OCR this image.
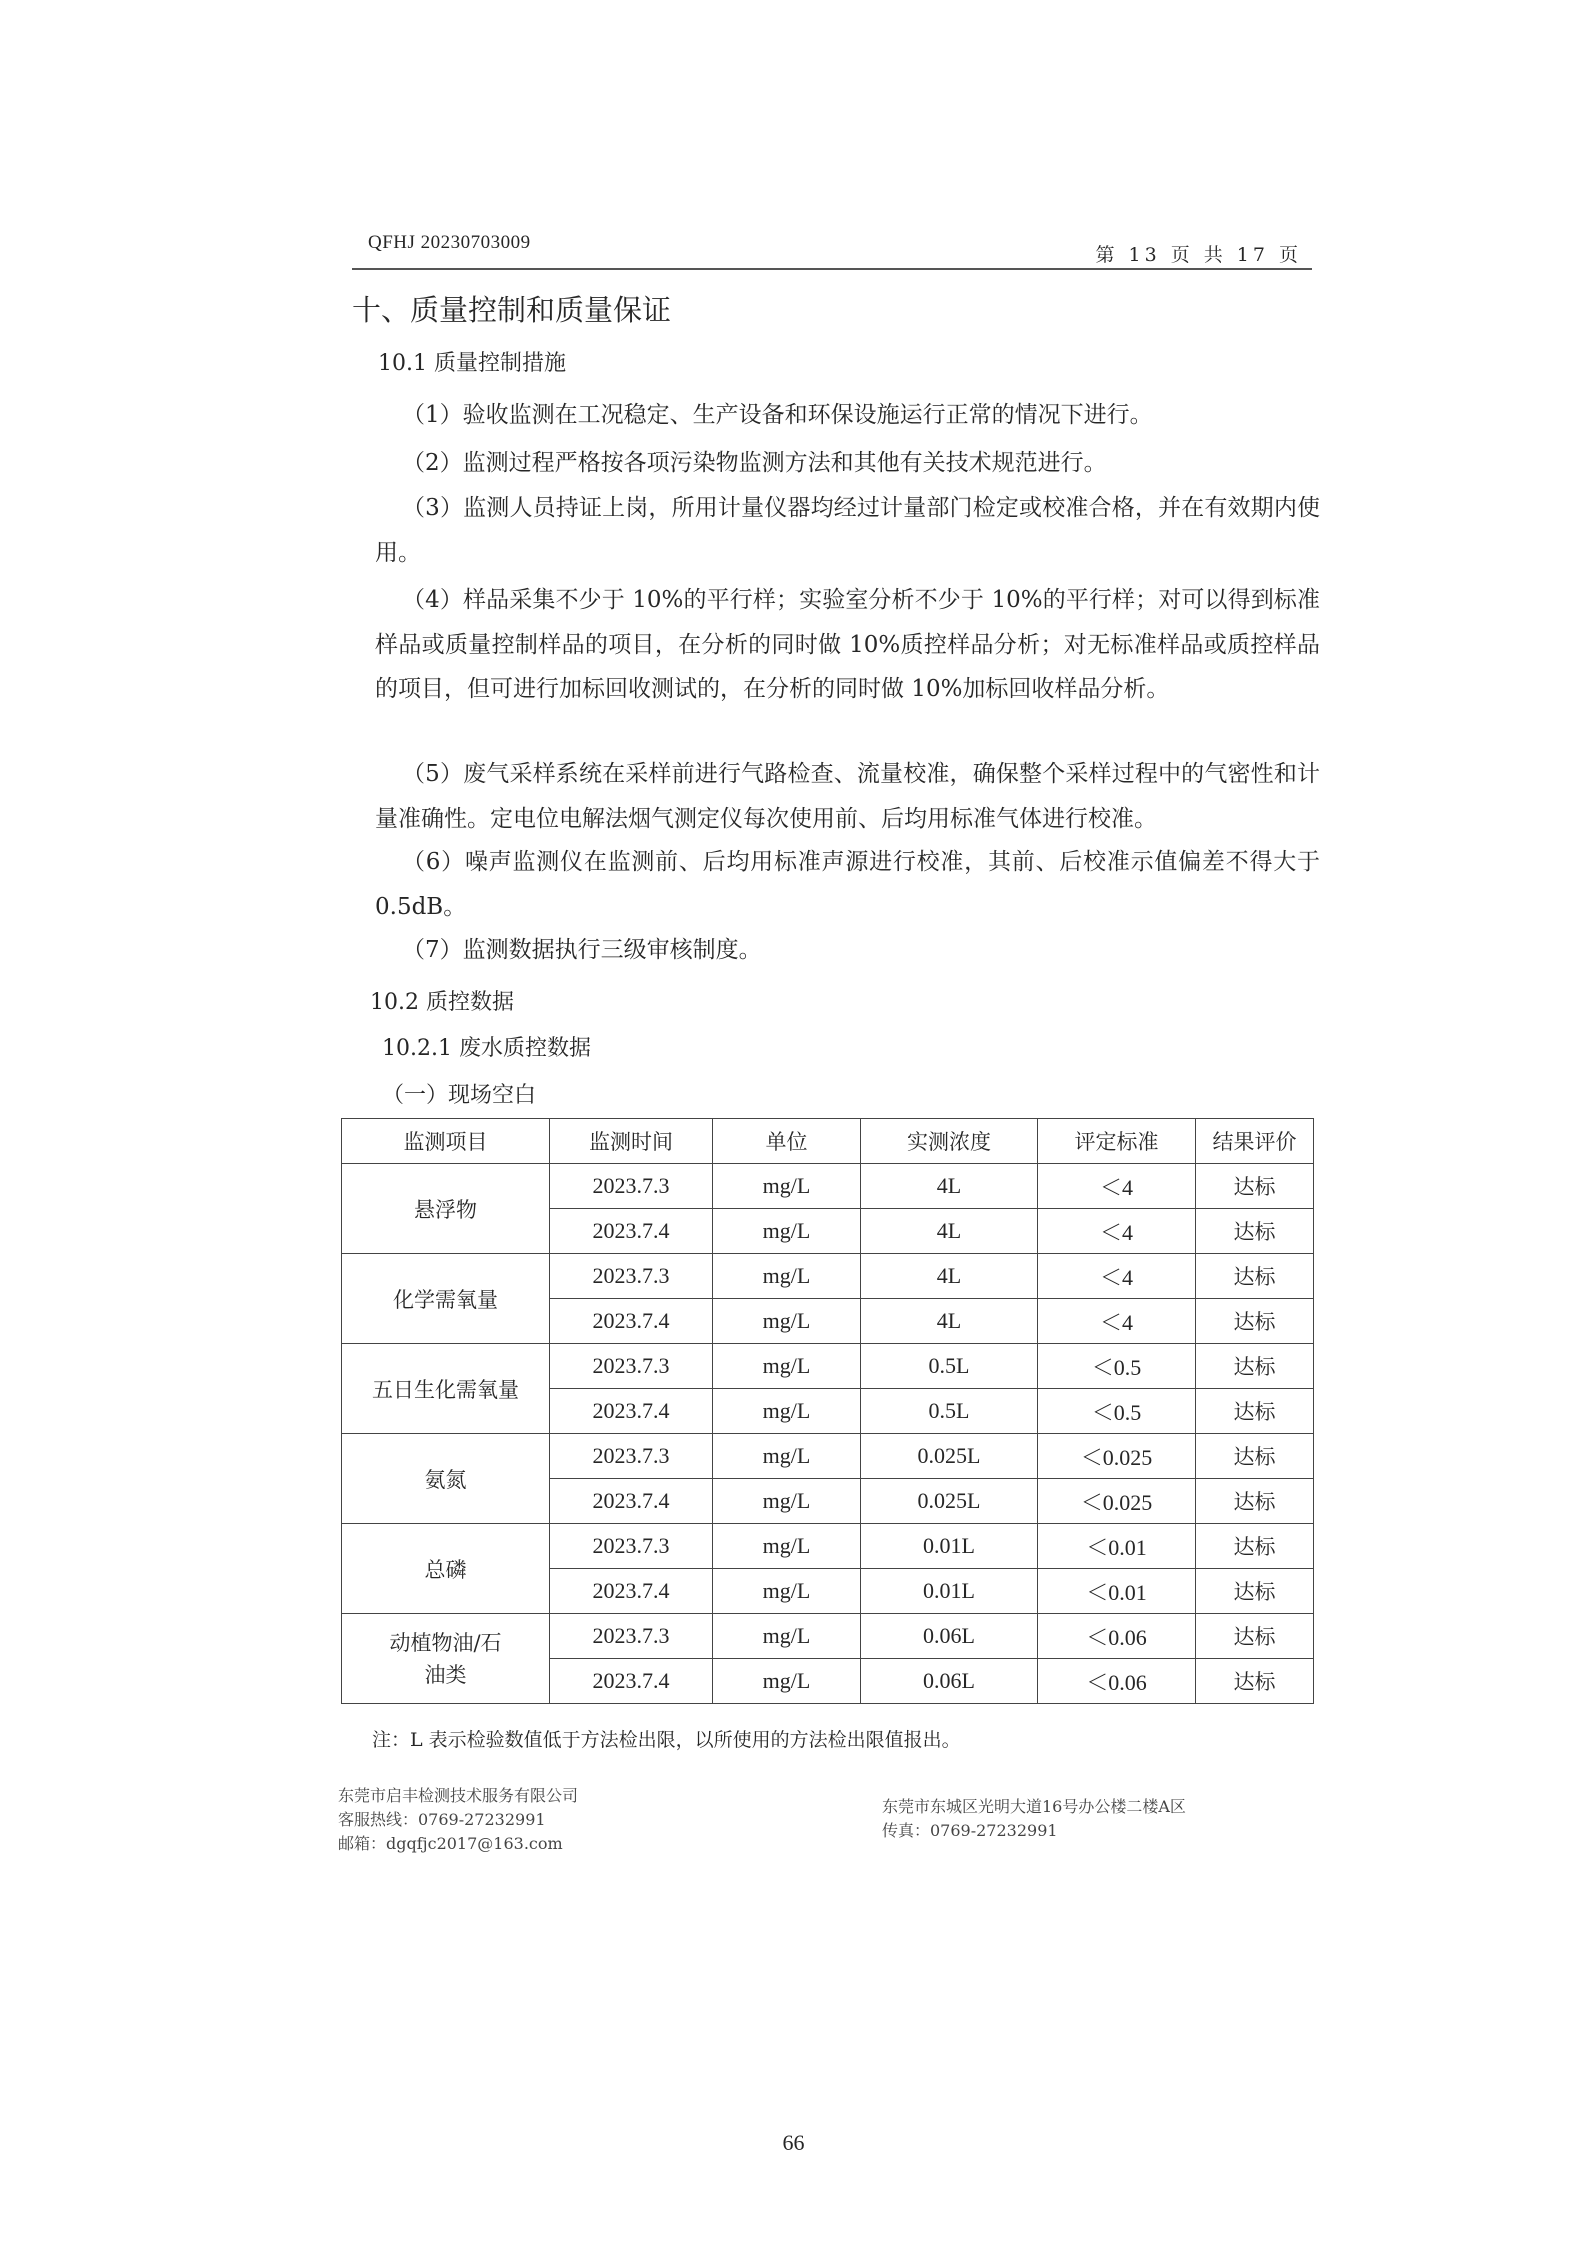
QFHJ 20230703009
第 13 页 共 17 页
十、质量控制和质量保证
10.1 质量控制措施
（1）验收监测在工况稳定、生产设备和环保设施运行正常的情况下进行。
（2）监测过程严格按各项污染物监测方法和其他有关技术规范进行。
（3）监测人员持证上岗，所用计量仪器均经过计量部门检定或校准合格，并在有效期内使用。
（4）样品采集不少于 10%的平行样；实验室分析不少于 10%的平行样；对可以得到标准样品或质量控制样品的项目，在分析的同时做 10%质控样品分析；对无标准样品或质控样品的项目，但可进行加标回收测试的，在分析的同时做 10%加标回收样品分析。
（5）废气采样系统在采样前进行气路检查、流量校准，确保整个采样过程中的气密性和计量准确性。定电位电解法烟气测定仪每次使用前、后均用标准气体进行校准。
（6）噪声监测仪在监测前、后均用标准声源进行校准，其前、后校准示值偏差不得大于 0.5dB。
（7）监测数据执行三级审核制度。
10.2 质控数据
10.2.1 废水质控数据
（一）现场空白
监测项目	监测时间	单位	实测浓度	评定标准	结果评价
悬浮物	2023.7.3	mg/L	4L	＜4	达标
	2023.7.4	mg/L	4L	＜4	达标
化学需氧量	2023.7.3	mg/L	4L	＜4	达标
	2023.7.4	mg/L	4L	＜4	达标
五日生化需氧量	2023.7.3	mg/L	0.5L	＜0.5	达标
	2023.7.4	mg/L	0.5L	＜0.5	达标
氨氮	2023.7.3	mg/L	0.025L	＜0.025	达标
	2023.7.4	mg/L	0.025L	＜0.025	达标
总磷	2023.7.3	mg/L	0.01L	＜0.01	达标
	2023.7.4	mg/L	0.01L	＜0.01	达标
动植物油/石油类	2023.7.3	mg/L	0.06L	＜0.06	达标
	2023.7.4	mg/L	0.06L	＜0.06	达标
注：L 表示检验数值低于方法检出限，以所使用的方法检出限值报出。
东莞市启丰检测技术服务有限公司
客服热线：0769-27232991
邮箱：dgqfjc2017@163.com
东莞市东城区光明大道16号办公楼二楼A区
传真：0769-27232991
66
